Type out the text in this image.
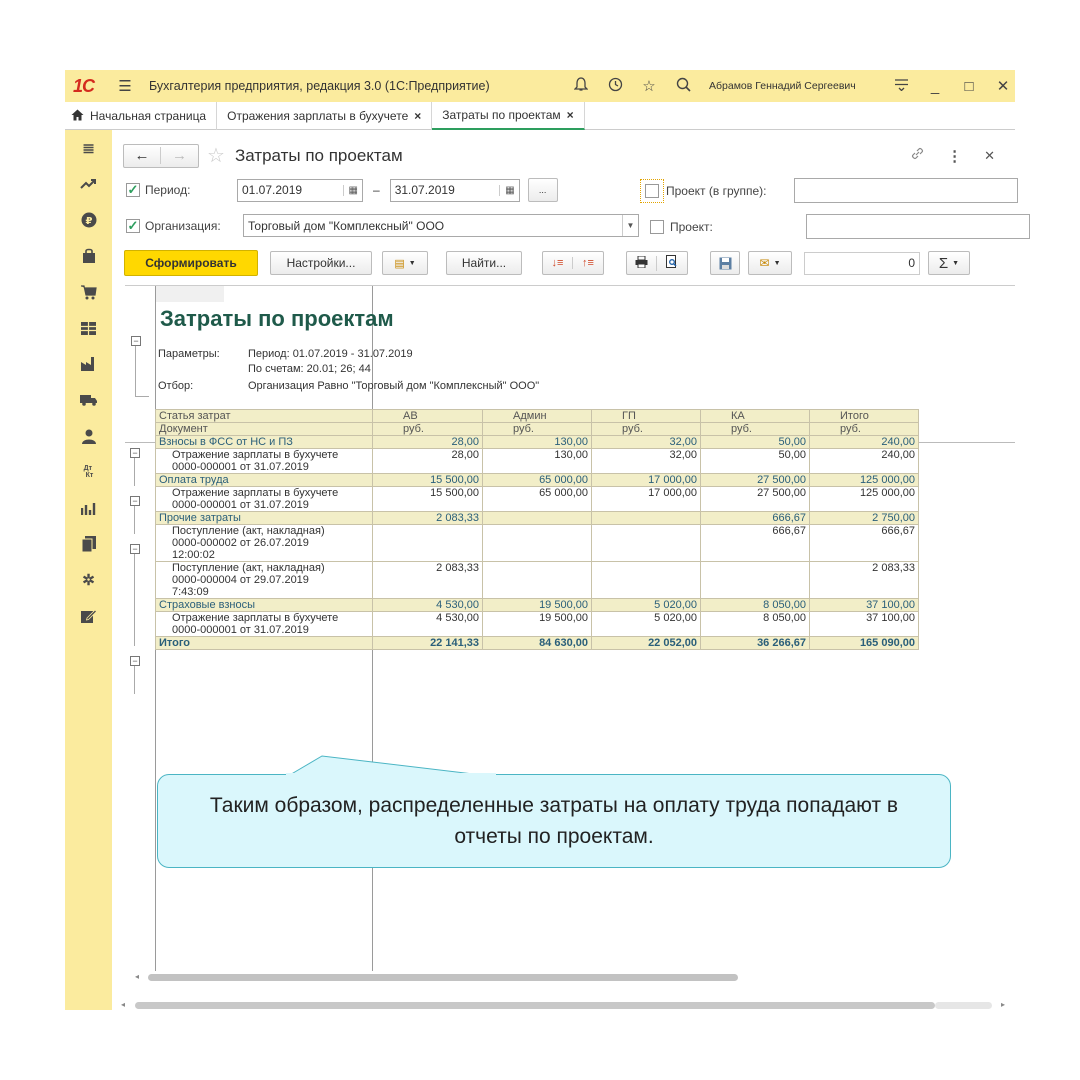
1С	☰	Бухгалтерия предприятия, редакция 3.0 (1С:Предприятие)	☆	Абрамов Геннадий Сергеевич	_	□	✕
Начальная страница Отражения зарплаты в бухучете × Затраты по проектам ×
≣
₽
Дт
Кт
✲
←	→	☆ Затраты по проектам	⋮ ✕
✓ Период:	01.07.2019	▦ – 31.07.2019	▦	...	Проект (в группе):
✓ Организация:	Торговый дом "Комплексный" ООО	▼	Проект:
Сформировать	Настройки...	▤ ▼	Найти...	↓≡	↑≡	✉ ▼	0 Σ ▼
−
Затраты по проектам
Параметры:	Период: 01.07.2019 - 31.07.2019
По счетам: 20.01; 26; 44
Отбор:	Организация Равно "Торговый дом "Комплексный" ООО"
−
−
−
−
Статья затрат	АВ	Админ	ГП	КА	Итого
Документ	руб.	руб.	руб.	руб.	руб.
Взносы в ФСС от НС и ПЗ	28,00	130,00	32,00	50,00	240,00

Отражение зарплаты в бухучете
0000-000001 от 31.07.2019	28,00	130,00	32,00	50,00	240,00
Оплата труда	15 500,00	65 000,00	17 000,00	27 500,00	125 000,00

Отражение зарплаты в бухучете
0000-000001 от 31.07.2019	15 500,00	65 000,00	17 000,00	27 500,00	125 000,00
Прочие затраты	2 083,33			666,67	2 750,00

Поступление (акт, накладная)
0000-000002 от 26.07.2019
12:00:02				666,67	666,67

Поступление (акт, накладная)
0000-000004 от 29.07.2019
7:43:09	2 083,33				2 083,33
Страховые взносы	4 530,00	19 500,00	5 020,00	8 050,00	37 100,00

Отражение зарплаты в бухучете
0000-000001 от 31.07.2019	4 530,00	19 500,00	5 020,00	8 050,00	37 100,00
Итого	22 141,33	84 630,00	22 052,00	36 266,67	165 090,00
Таким образом, распределенные затраты на оплату труда попадают в отчеты по проектам.
◂
◂	▸
